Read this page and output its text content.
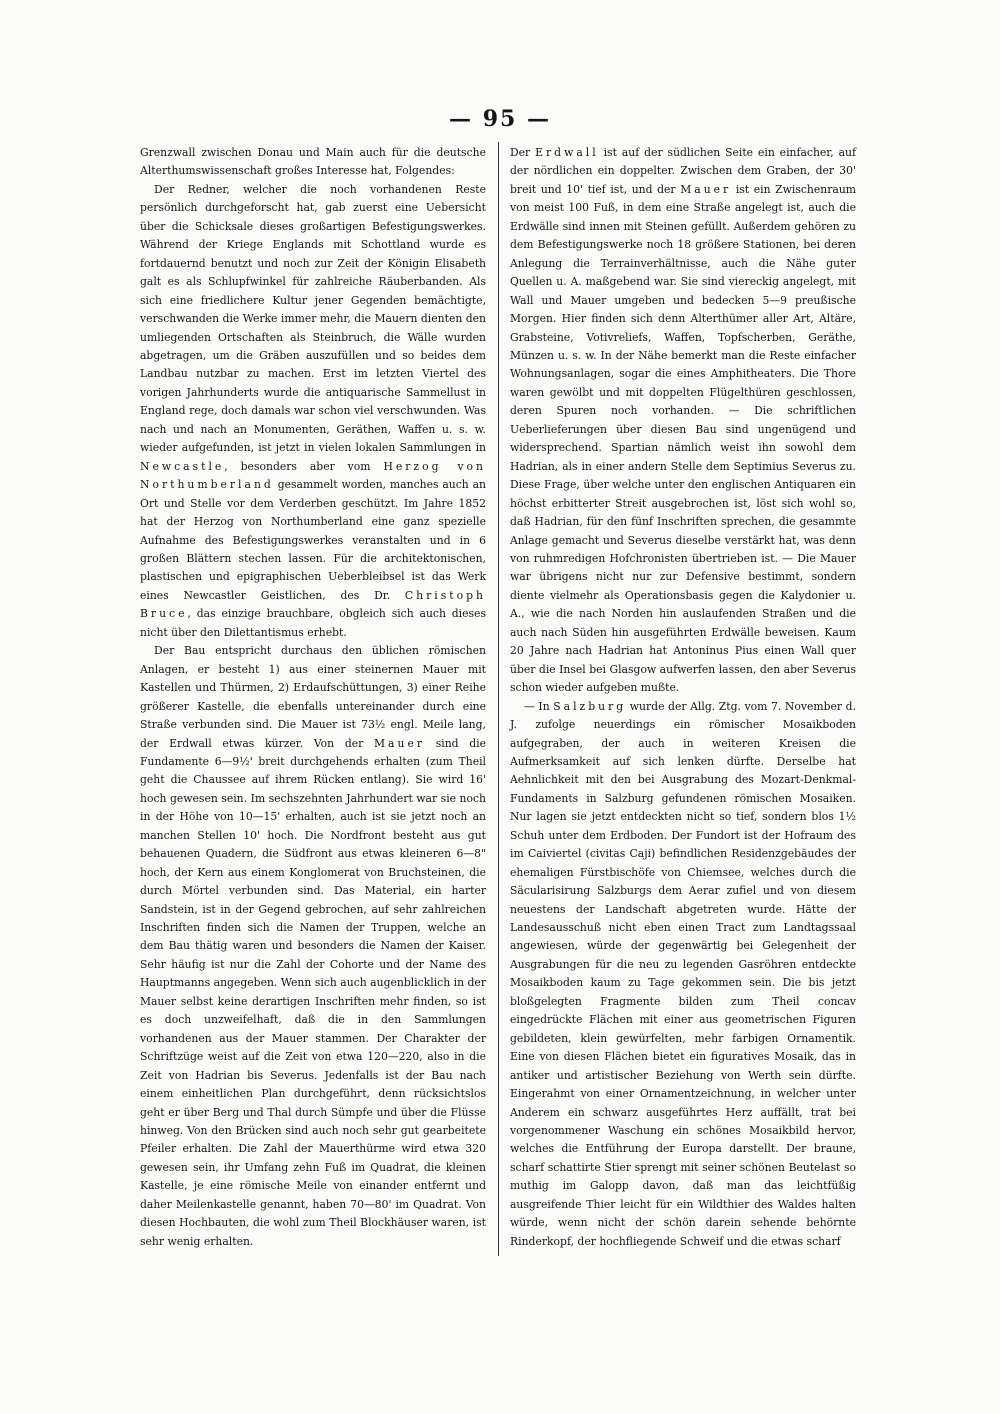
— 95 —

Grenzwall zwischen Donau und Main auch für die deutsche Alterthumswissenschaft großes Interesse hat, Folgendes:

Der Redner, welcher die noch vorhandenen Reste persönlich durchgeforscht hat, gab zuerst eine Uebersicht über die Schicksale dieses großartigen Befestigungswerkes. Während der Kriege Englands mit Schottland wurde es fortdauernd benutzt und noch zur Zeit der Königin Elisabeth galt es als Schlupfwinkel für zahlreiche Räuberbanden. Als sich eine friedlichere Kultur jener Gegenden bemächtigte, verschwanden die Werke immer mehr, die Mauern dienten den umliegenden Ortschaften als Steinbruch, die Wälle wurden abgetragen, um die Gräben auszufüllen und so beides dem Landbau nutzbar zu machen. Erst im letzten Viertel des vorigen Jahrhunderts wurde die antiquarische Sammellust in England rege, doch damals war schon viel verschwunden. Was nach und nach an Monumenten, Geräthen, Waffen u. s. w. wieder aufgefunden, ist jetzt in vielen lokalen Sammlungen in Newcastle, besonders aber vom Herzog von Northumberland gesammelt worden, manches auch an Ort und Stelle vor dem Verderben geschützt. Im Jahre 1852 hat der Herzog von Northumberland eine ganz spezielle Aufnahme des Befestigungswerkes veranstalten und in 6 großen Blättern stechen lassen. Für die architektonischen, plastischen und epigraphischen Ueberbleibsel ist das Werk eines Newcastler Geistlichen, des Dr. Christoph Bruce, das einzige brauchbare, obgleich sich auch dieses nicht über den Dilettantismus erhebt.

Der Bau entspricht durchaus den üblichen römischen Anlagen, er besteht 1) aus einer steinernen Mauer mit Kastellen und Thürmen, 2) Erdaufschüttungen, 3) einer Reihe größerer Kastelle, die ebenfalls untereinander durch eine Straße verbunden sind. Die Mauer ist 73½ engl. Meile lang, der Erdwall etwas kürzer. Von der Mauer sind die Fundamente 6—9½' breit durchgehends erhalten (zum Theil geht die Chaussee auf ihrem Rücken entlang). Sie wird 16' hoch gewesen sein. Im sechszehnten Jahrhundert war sie noch in der Höhe von 10—15' erhalten, auch ist sie jetzt noch an manchen Stellen 10' hoch. Die Nordfront besteht aus gut behauenen Quadern, die Südfront aus etwas kleineren 6—8" hoch, der Kern aus einem Konglomerat von Bruchsteinen, die durch Mörtel verbunden sind. Das Material, ein harter Sandstein, ist in der Gegend gebrochen, auf sehr zahlreichen Inschriften finden sich die Namen der Truppen, welche an dem Bau thätig waren und besonders die Namen der Kaiser. Sehr häufig ist nur die Zahl der Cohorte und der Name des Hauptmanns angegeben. Wenn sich auch augenblicklich in der Mauer selbst keine derartigen Inschriften mehr finden, so ist es doch unzweifelhaft, daß die in den Sammlungen vorhandenen aus der Mauer stammen. Der Charakter der Schriftzüge weist auf die Zeit von etwa 120—220, also in die Zeit von Hadrian bis Severus. Jedenfalls ist der Bau nach einem einheitlichen Plan durchgeführt, denn rücksichtslos geht er über Berg und Thal durch Sümpfe und über die Flüsse hinweg. Von den Brücken sind auch noch sehr gut gearbeitete Pfeiler erhalten. Die Zahl der Mauerthürme wird etwa 320 gewesen sein, ihr Umfang zehn Fuß im Quadrat, die kleinen Kastelle, je eine römische Meile von einander entfernt und daher Meilenkastelle genannt, haben 70—80' im Quadrat. Von diesen Hochbauten, die wohl zum Theil Blockhäuser waren, ist sehr wenig erhalten.

Der Erdwall ist auf der südlichen Seite ein einfacher, auf der nördlichen ein doppelter. Zwischen dem Graben, der 30' breit und 10' tief ist, und der Mauer ist ein Zwischenraum von meist 100 Fuß, in dem eine Straße angelegt ist, auch die Erdwälle sind innen mit Steinen gefüllt. Außerdem gehören zu dem Befestigungswerke noch 18 größere Stationen, bei deren Anlegung die Terrainverhältnisse, auch die Nähe guter Quellen u. A. maßgebend war. Sie sind viereckig angelegt, mit Wall und Mauer umgeben und bedecken 5—9 preußische Morgen. Hier finden sich denn Alterthümer aller Art, Altäre, Grabsteine, Votivreliefs, Waffen, Topfscherben, Geräthe, Münzen u. s. w. In der Nähe bemerkt man die Reste einfacher Wohnungsanlagen, sogar die eines Amphitheaters. Die Thore waren gewölbt und mit doppelten Flügelthüren geschlossen, deren Spuren noch vorhanden. — Die schriftlichen Ueberlieferungen über diesen Bau sind ungenügend und widersprechend. Spartian nämlich weist ihn sowohl dem Hadrian, als in einer andern Stelle dem Septimius Severus zu. Diese Frage, über welche unter den englischen Antiquaren ein höchst erbitterter Streit ausgebrochen ist, löst sich wohl so, daß Hadrian, für den fünf Inschriften sprechen, die gesammte Anlage gemacht und Severus dieselbe verstärkt hat, was denn von ruhmredigen Hofchronisten übertrieben ist. — Die Mauer war übrigens nicht nur zur Defensive bestimmt, sondern diente vielmehr als Operationsbasis gegen die Kalydonier u. A., wie die nach Norden hin auslaufenden Straßen und die auch nach Süden hin ausgeführten Erdwälle beweisen. Kaum 20 Jahre nach Hadrian hat Antoninus Pius einen Wall quer über die Insel bei Glasgow aufwerfen lassen, den aber Severus schon wieder aufgeben mußte.

— In Salzburg wurde der Allg. Ztg. vom 7. November d. J. zufolge neuerdings ein römischer Mosaikboden aufgegraben, der auch in weiteren Kreisen die Aufmerksamkeit auf sich lenken dürfte. Derselbe hat Aehnlichkeit mit den bei Ausgrabung des Mozart-Denkmal-Fundaments in Salzburg gefundenen römischen Mosaiken. Nur lagen sie jetzt entdeckten nicht so tief, sondern blos 1½ Schuh unter dem Erdboden. Der Fundort ist der Hofraum des im Caiviertel (civitas Caji) befindlichen Residenzgebäudes der ehemaligen Fürstbischöfe von Chiemsee, welches durch die Säcularisirung Salzburgs dem Aerar zufiel und von diesem neuestens der Landschaft abgetreten wurde. Hätte der Landesausschuß nicht eben einen Tract zum Landtagssaal angewiesen, würde der gegenwärtig bei Gelegenheit der Ausgrabungen für die neu zu legenden Gasröhren entdeckte Mosaikboden kaum zu Tage gekommen sein. Die bis jetzt bloßgelegten Fragmente bilden zum Theil concav eingedrückte Flächen mit einer aus geometrischen Figuren gebildeten, klein gewürfelten, mehr farbigen Ornamentik. Eine von diesen Flächen bietet ein figuratives Mosaik, das in antiker und artistischer Beziehung von Werth sein dürfte. Eingerahmt von einer Ornamentzeichnung, in welcher unter Anderem ein schwarz ausgeführtes Herz auffällt, trat bei vorgenommener Waschung ein schönes Mosaikbild hervor, welches die Entführung der Europa darstellt. Der braune, scharf schattirte Stier sprengt mit seiner schönen Beutelast so muthig im Galopp davon, daß man das leichtfüßig ausgreifende Thier leicht für ein Wildthier des Waldes halten würde, wenn nicht der schön darein sehende behörnte Rinderkopf, der hochfliegende Schweif und die etwas scharf
